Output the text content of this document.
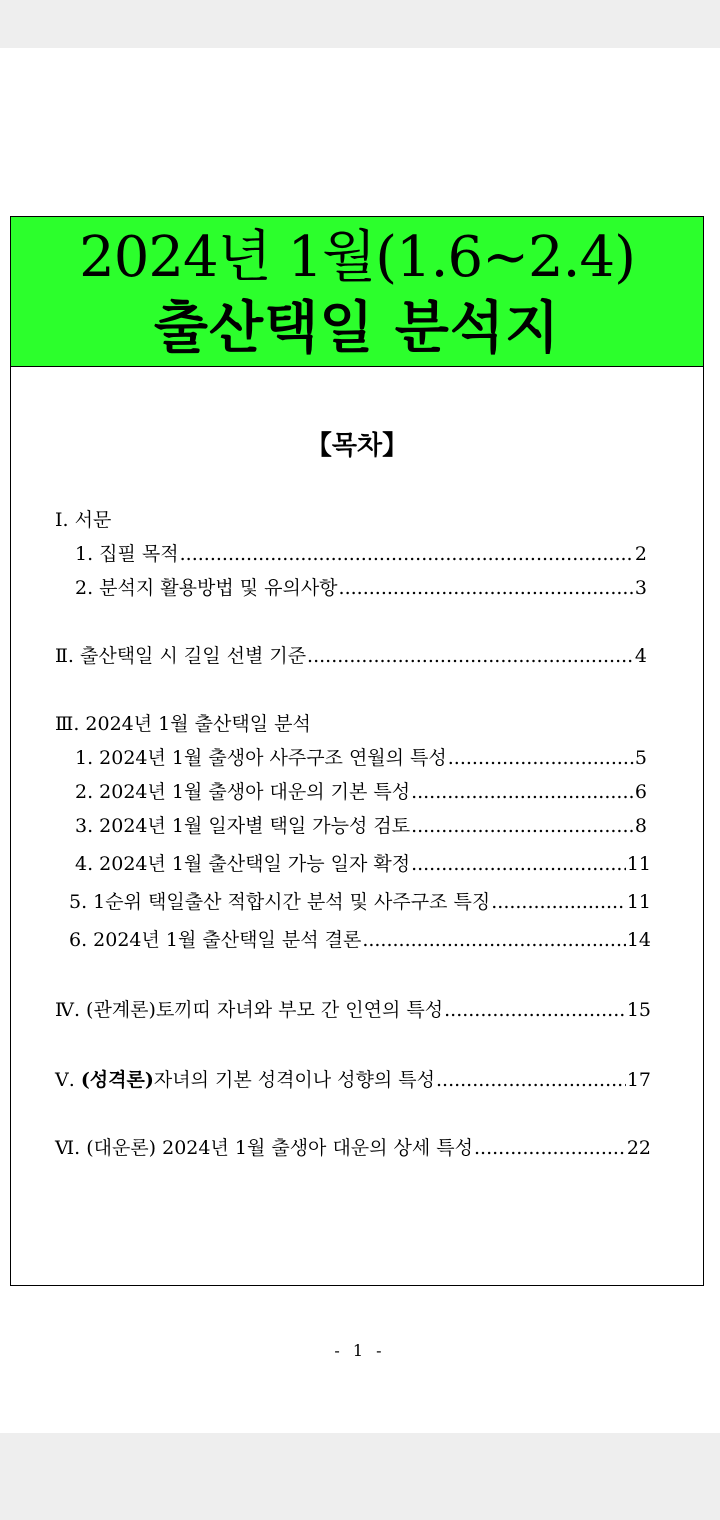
2024년 1월(1.6~2.4)
출산택일 분석지
【목차】
Ⅰ. 서문
1. 집필 목적 .....	2
2. 분석지 활용방법 및 유의사항 .....	3
Ⅱ. 출산택일 시 길일 선별 기준 .....	4
Ⅲ. 2024년 1월 출산택일 분석
1. 2024년 1월 출생아 사주구조 연월의 특성 .....	5
2. 2024년 1월 출생아 대운의 기본 특성 .....	6
3. 2024년 1월 일자별 택일 가능성 검토 .....	8
4. 2024년 1월 출산택일 가능 일자 확정 .....	11
5. 1순위 택일출산 적합시간 분석 및 사주구조 특징 .....	11
6. 2024년 1월 출산택일 분석 결론 .....	14
Ⅳ. (관계론)토끼띠 자녀와 부모 간 인연의 특성 .....	15
Ⅴ. (성격론)자녀의 기본 성격이나 성향의 특성 .....	17
Ⅵ. (대운론) 2024년 1월 출생아 대운의 상세 특성 .....	22
- 1 -
